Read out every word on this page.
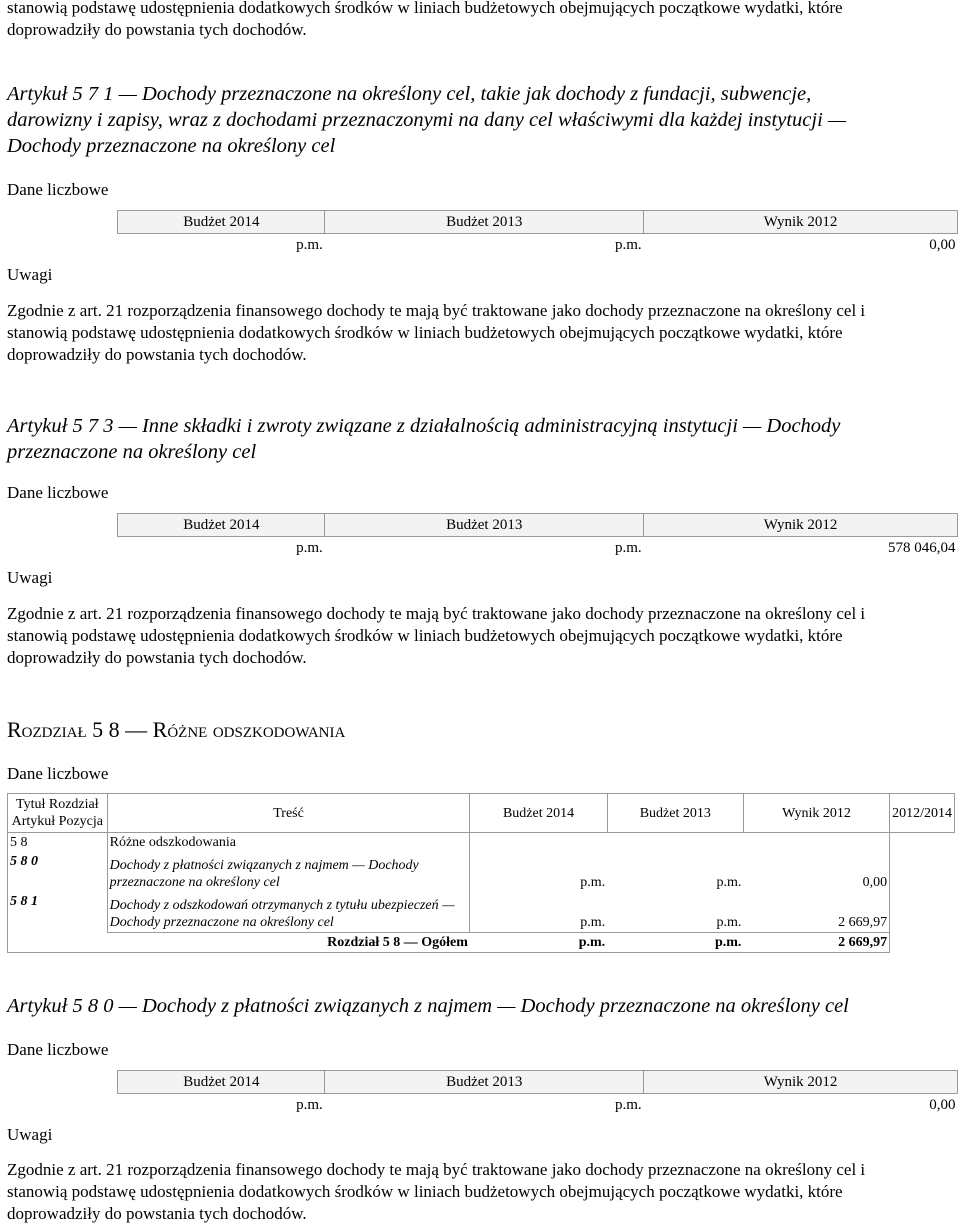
stanowią podstawę udostępnienia dodatkowych środków w liniach budżetowych obejmujących początkowe wydatki, które
doprowadziły do powstania tych dochodów.

Artykuł 5 7 1 — Dochody przeznaczone na określony cel, takie jak dochody z fundacji, subwencje,
darowizny i zapisy, wraz z dochodami przeznaczonymi na dany cel właściwymi dla każdej instytucji —
Dochody przeznaczone na określony cel

Dane liczbowe

	Budżet 2014	Budżet 2013	Wynik 2012
	p.m.	p.m.	0,00

Uwagi

Zgodnie z art. 21 rozporządzenia finansowego dochody te mają być traktowane jako dochody przeznaczone na określony cel i
stanowią podstawę udostępnienia dodatkowych środków w liniach budżetowych obejmujących początkowe wydatki, które
doprowadziły do powstania tych dochodów.

Artykuł 5 7 3 — Inne składki i zwroty związane z działalnością administracyjną instytucji — Dochody
przeznaczone na określony cel

Dane liczbowe

	Budżet 2014	Budżet 2013	Wynik 2012
	p.m.	p.m.	578 046,04

Uwagi

Zgodnie z art. 21 rozporządzenia finansowego dochody te mają być traktowane jako dochody przeznaczone na określony cel i
stanowią podstawę udostępnienia dodatkowych środków w liniach budżetowych obejmujących początkowe wydatki, które
doprowadziły do powstania tych dochodów.

Rozdział 5 8 — Różne odszkodowania

Dane liczbowe

Tytuł Rozdział
Artykuł Pozycja	Treść	Budżet 2014	Budżet 2013	Wynik 2012	2012/2014
5 8	Różne odszkodowania				
5 8 0	Dochody z płatności związanych z najmem — Dochody przeznaczone na określony cel	p.m.	p.m.	0,00	
5 8 1	Dochody z odszkodowań otrzymanych z tytułu ubezpieczeń — Dochody przeznaczone na określony cel	p.m.	p.m.	2 669,97	
	Rozdział 5 8 — Ogółem	p.m.	p.m.	2 669,97	
Artykuł 5 8 0 — Dochody z płatności związanych z najmem — Dochody przeznaczone na określony cel

Dane liczbowe

	Budżet 2014	Budżet 2013	Wynik 2012
	p.m.	p.m.	0,00

Uwagi

Zgodnie z art. 21 rozporządzenia finansowego dochody te mają być traktowane jako dochody przeznaczone na określony cel i
stanowią podstawę udostępnienia dodatkowych środków w liniach budżetowych obejmujących początkowe wydatki, które
doprowadziły do powstania tych dochodów.
